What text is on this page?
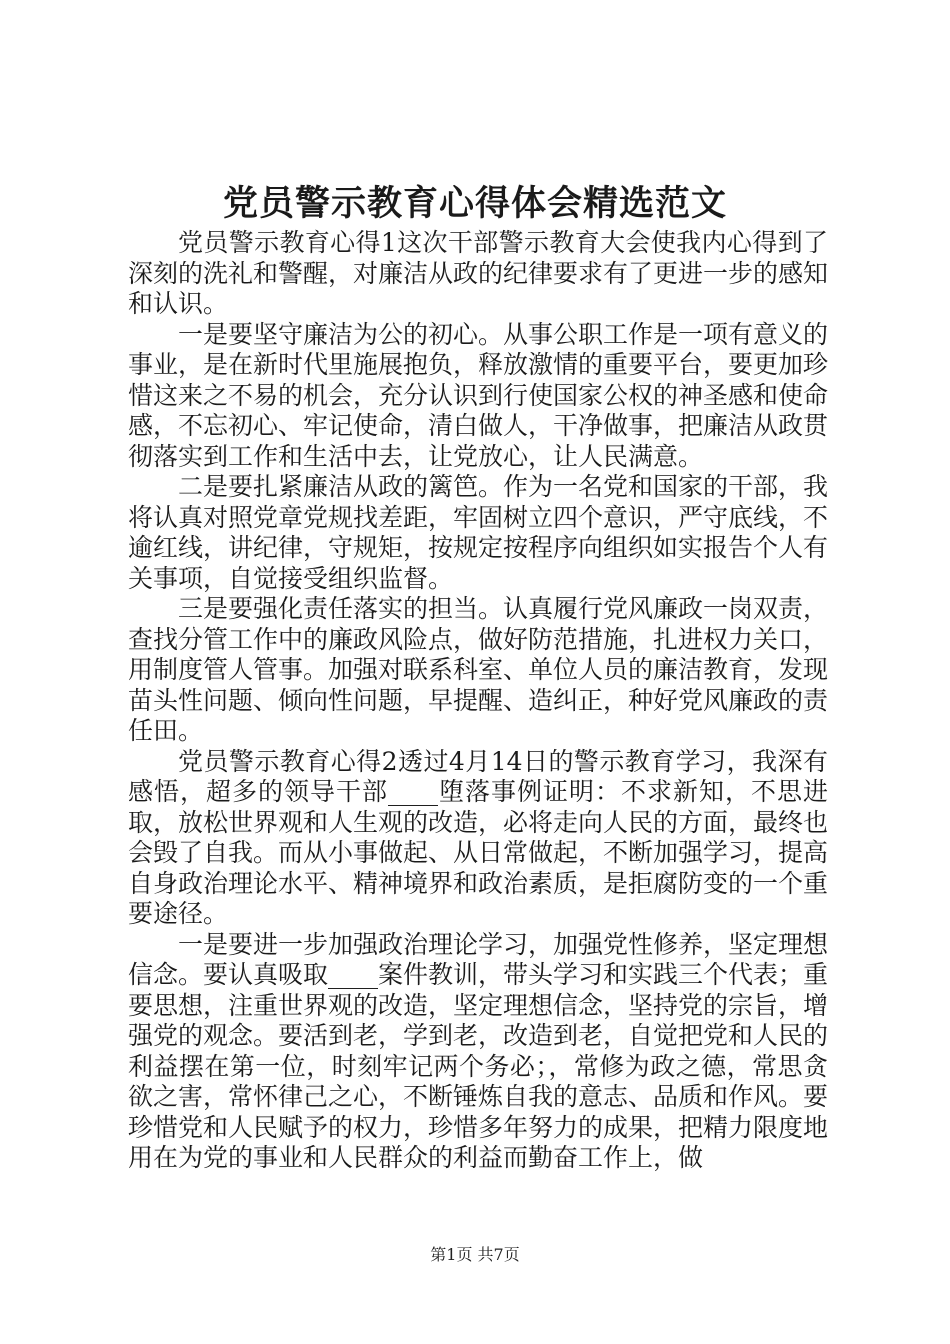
党员警示教育心得体会精选范文

党员警示教育心得1这次干部警示教育大会使我内心得到了深刻的洗礼和警醒，对廉洁从政的纪律要求有了更进一步的感知和认识。

一是要坚守廉洁为公的初心。从事公职工作是一项有意义的事业，是在新时代里施展抱负，释放激情的重要平台，要更加珍惜这来之不易的机会，充分认识到行使国家公权的神圣感和使命感，不忘初心、牢记使命，清白做人，干净做事，把廉洁从政贯彻落实到工作和生活中去，让党放心，让人民满意。

二是要扎紧廉洁从政的篱笆。作为一名党和国家的干部，我将认真对照党章党规找差距，牢固树立四个意识，严守底线，不逾红线，讲纪律，守规矩，按规定按程序向组织如实报告个人有关事项，自觉接受组织监督。

三是要强化责任落实的担当。认真履行党风廉政一岗双责，查找分管工作中的廉政风险点，做好防范措施，扎进权力关口，用制度管人管事。加强对联系科室、单位人员的廉洁教育，发现苗头性问题、倾向性问题，早提醒、造纠正，种好党风廉政的责任田。

党员警示教育心得2透过4月14日的警示教育学习，我深有感悟，超多的领导干部____堕落事例证明：不求新知，不思进取，放松世界观和人生观的改造，必将走向人民的方面，最终也会毁了自我。而从小事做起、从日常做起，不断加强学习，提高自身政治理论水平、精神境界和政治素质，是拒腐防变的一个重要途径。

一是要进一步加强政治理论学习，加强党性修养，坚定理想信念。要认真吸取____案件教训，带头学习和实践三个代表；重要思想，注重世界观的改造，坚定理想信念，坚持党的宗旨，增强党的观念。要活到老，学到老，改造到老，自觉把党和人民的利益摆在第一位，时刻牢记两个务必；，常修为政之德，常思贪欲之害，常怀律己之心，不断锤炼自我的意志、品质和作风。要珍惜党和人民赋予的权力，珍惜多年努力的成果，把精力限度地用在为党的事业和人民群众的利益而勤奋工作上，做

第1页 共7页
